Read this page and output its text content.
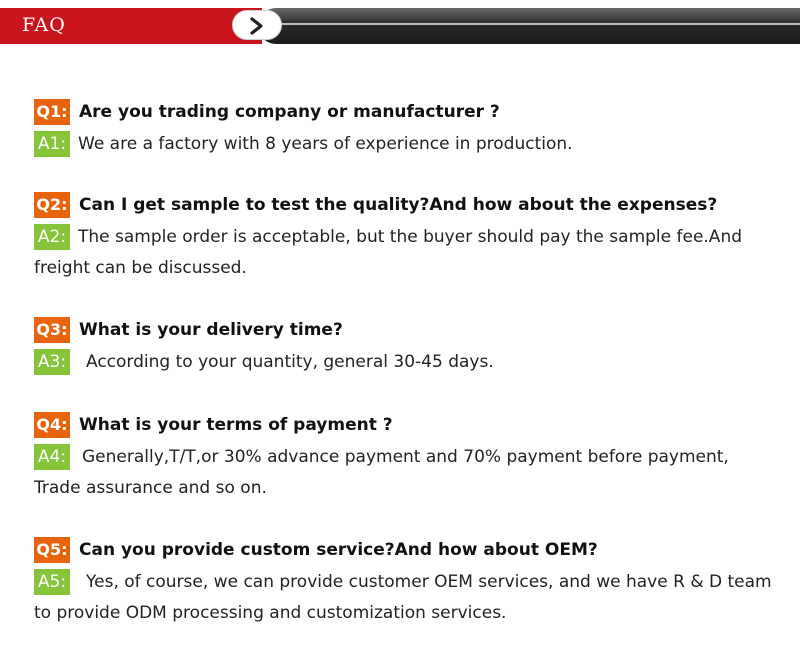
FAQ
Q1: Are you trading company or manufacturer ?
A1: We are a factory with 8 years of experience in production.
Q2: Can I get sample to test the quality?And how about the expenses?
A2: The sample order is acceptable, but the buyer should pay the sample fee.And
freight can be discussed.
Q3: What is your delivery time?
A3: According to your quantity, general 30-45 days.
Q4: What is your terms of payment ?
A4: Generally,T/T,or 30% advance payment and 70% payment before payment,
Trade assurance and so on.
Q5: Can you provide custom service?And how about OEM?
A5: Yes, of course, we can provide customer OEM services, and we have R & D team
to provide ODM processing and customization services.
